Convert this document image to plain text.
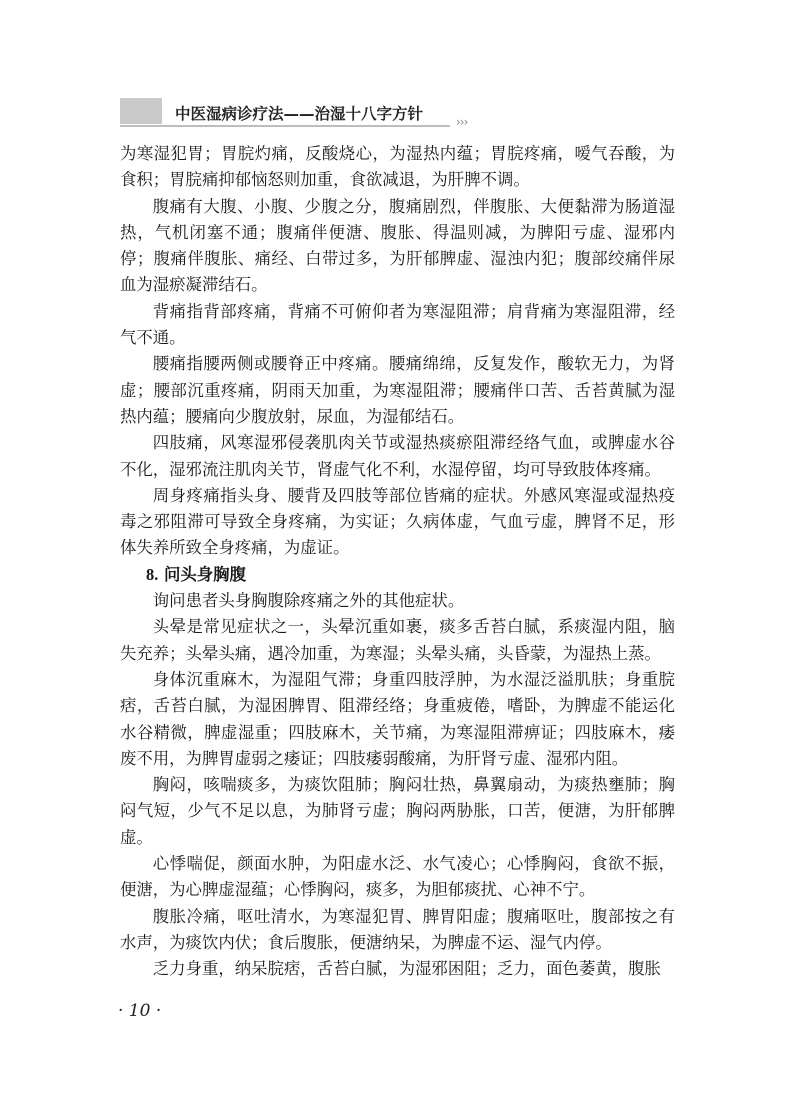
中医湿病诊疗法——治湿十八字方针	›››

为寒湿犯胃；胃脘灼痛，反酸烧心，为湿热内蕴；胃脘疼痛，嗳气吞酸，为食积；胃脘痛抑郁恼怒则加重，食欲减退，为肝脾不调。

腹痛有大腹、小腹、少腹之分，腹痛剧烈，伴腹胀、大便黏滞为肠道湿热，气机闭塞不通；腹痛伴便溏、腹胀、得温则减，为脾阳亏虚、湿邪内停；腹痛伴腹胀、痛经、白带过多，为肝郁脾虚、湿浊内犯；腹部绞痛伴尿血为湿瘀凝滞结石。

背痛指背部疼痛，背痛不可俯仰者为寒湿阻滞；肩背痛为寒湿阻滞，经气不通。

腰痛指腰两侧或腰脊正中疼痛。腰痛绵绵，反复发作，酸软无力，为肾虚；腰部沉重疼痛，阴雨天加重，为寒湿阻滞；腰痛伴口苦、舌苔黄腻为湿热内蕴；腰痛向少腹放射，尿血，为湿郁结石。

四肢痛，风寒湿邪侵袭肌肉关节或湿热痰瘀阻滞经络气血，或脾虚水谷不化，湿邪流注肌肉关节，肾虚气化不利，水湿停留，均可导致肢体疼痛。

周身疼痛指头身、腰背及四肢等部位皆痛的症状。外感风寒湿或湿热疫毒之邪阻滞可导致全身疼痛，为实证；久病体虚，气血亏虚，脾肾不足，形体失养所致全身疼痛，为虚证。

8. 问头身胸腹

询问患者头身胸腹除疼痛之外的其他症状。

头晕是常见症状之一，头晕沉重如裹，痰多舌苔白腻，系痰湿内阻，脑失充养；头晕头痛，遇冷加重，为寒湿；头晕头痛，头昏蒙，为湿热上蒸。

身体沉重麻木，为湿阻气滞；身重四肢浮肿，为水湿泛溢肌肤；身重脘痞，舌苔白腻，为湿困脾胃、阻滞经络；身重疲倦，嗜卧，为脾虚不能运化水谷精微，脾虚湿重；四肢麻木，关节痛，为寒湿阻滞痹证；四肢麻木，痿废不用，为脾胃虚弱之痿证；四肢痿弱酸痛，为肝肾亏虚、湿邪内阻。

胸闷，咳喘痰多，为痰饮阻肺；胸闷壮热，鼻翼扇动，为痰热壅肺；胸闷气短，少气不足以息，为肺肾亏虚；胸闷两胁胀，口苦，便溏，为肝郁脾虚。

心悸喘促，颜面水肿，为阳虚水泛、水气凌心；心悸胸闷，食欲不振，便溏，为心脾虚湿蕴；心悸胸闷，痰多，为胆郁痰扰、心神不宁。

腹胀冷痛，呕吐清水，为寒湿犯胃、脾胃阳虚；腹痛呕吐，腹部按之有水声，为痰饮内伏；食后腹胀，便溏纳呆，为脾虚不运、湿气内停。

乏力身重，纳呆脘痞，舌苔白腻，为湿邪困阻；乏力，面色萎黄，腹胀

· 10 ·
